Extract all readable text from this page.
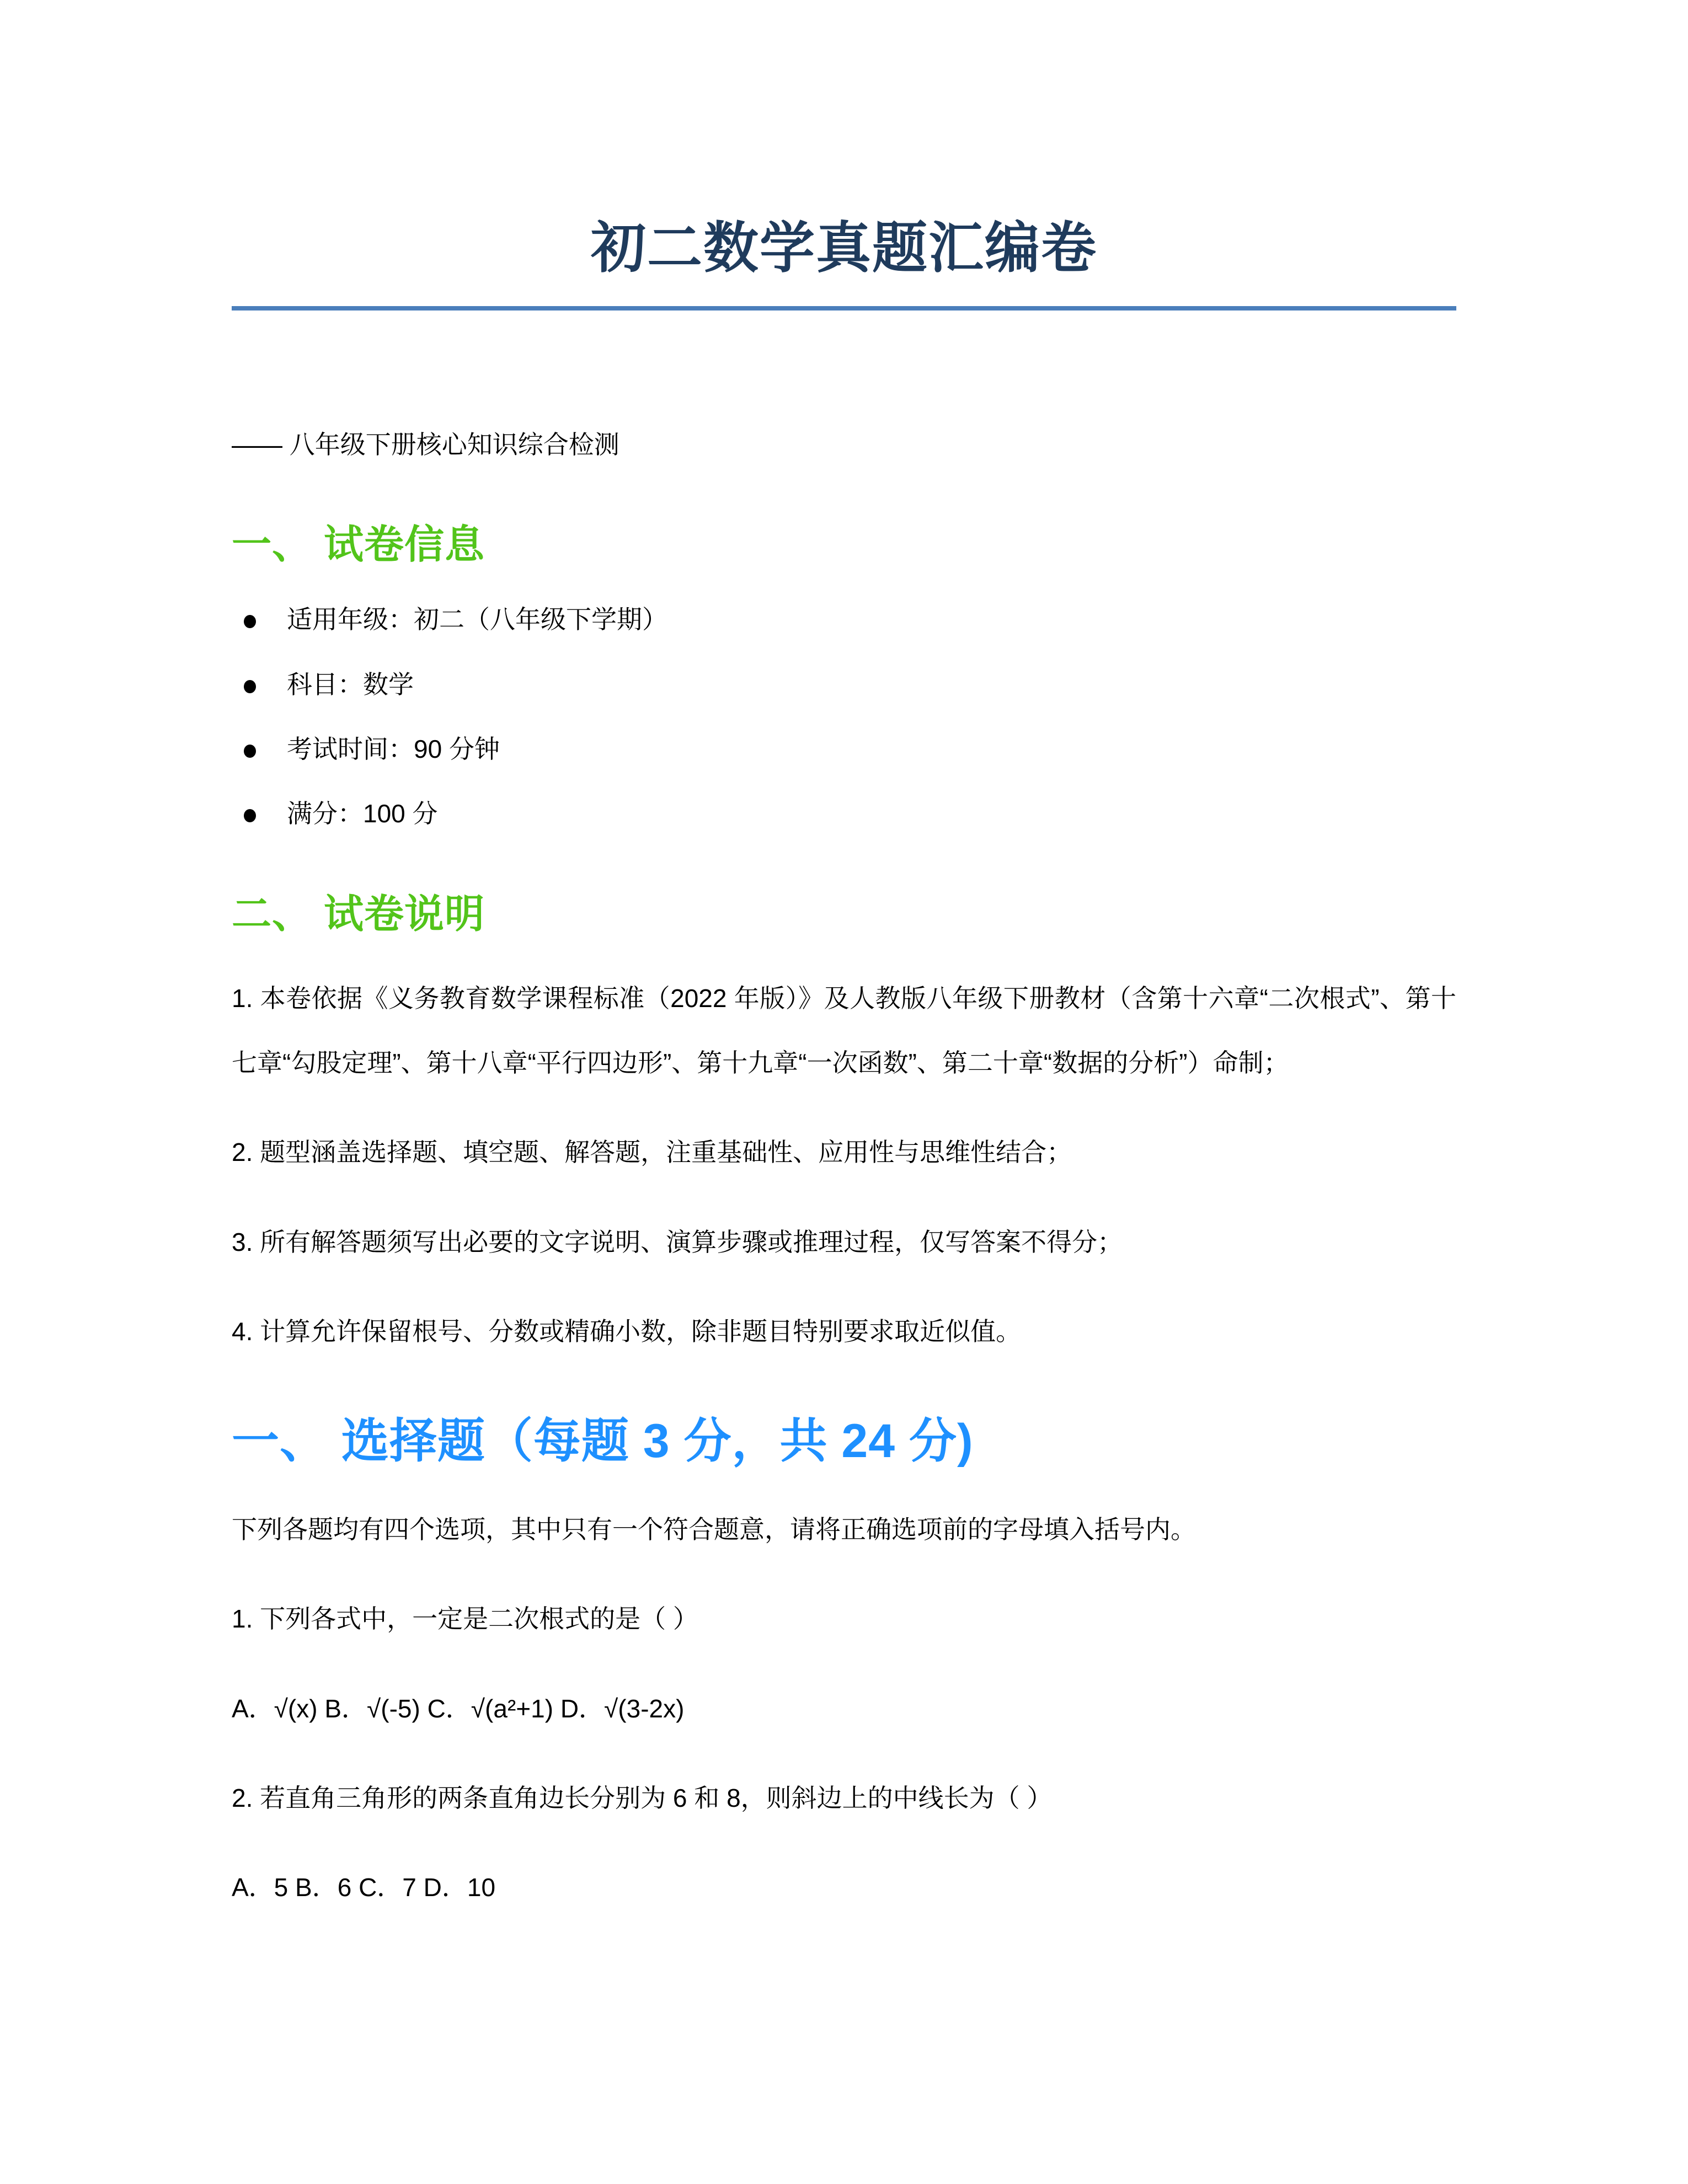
初二数学真题汇编卷

—— 八年级下册核心知识综合检测

一、 试卷信息
适用年级：初二（八年级下学期）
科目：数学
考试时间：90 分钟
满分：100 分
二、 试卷说明

1. 本卷依据《义务教育数学课程标准（2022 年版）》及人教版八年级下册教材（含第十六章“二次根式”、第十七章“勾股定理”、第十八章“平行四边形”、第十九章“一次函数”、第二十章“数据的分析”）命制；

2. 题型涵盖选择题、填空题、解答题，注重基础性、应用性与思维性结合；

3. 所有解答题须写出必要的文字说明、演算步骤或推理过程，仅写答案不得分；

4. 计算允许保留根号、分数或精确小数，除非题目特别要求取近似值。

一、 选择题（每题 3 分，共 24 分)

下列各题均有四个选项，其中只有一个符合题意，请将正确选项前的字母填入括号内。

1. 下列各式中，一定是二次根式的是（ ）

A．√(x) B．√(-5) C．√(a²+1) D．√(3-2x)

2. 若直角三角形的两条直角边长分别为 6 和 8，则斜边上的中线长为（ ）

A．5 B．6 C．7 D．10
